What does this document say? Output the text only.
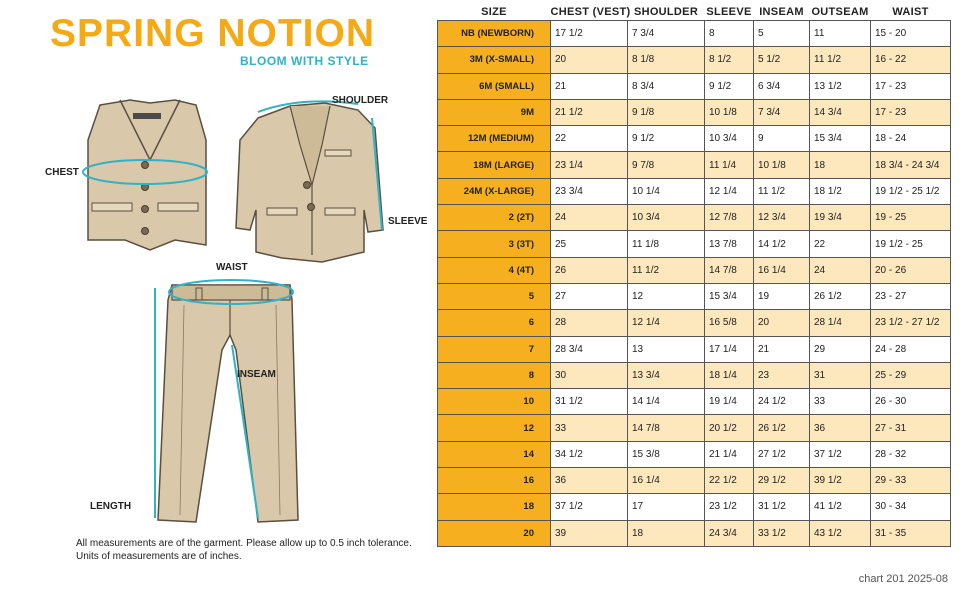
SPRING NOTION
BLOOM WITH STYLE
CHEST
SHOULDER
SLEEVE
WAIST
INSEAM
LENGTH
All measurements are of the garment. Please allow up to 0.5 inch tolerance.
Units of measurements are of inches.
SIZE	CHEST (VEST)	SHOULDER	SLEEVE	INSEAM	OUTSEAM	WAIST
NB (NEWBORN)	17 1/2	7 3/4	8	5	11	15 - 20
3M (X-SMALL)	20	8 1/8	8 1/2	5 1/2	11 1/2	16 - 22
6M (SMALL)	21	8 3/4	9 1/2	6 3/4	13 1/2	17 - 23
9M	21 1/2	9 1/8	10 1/8	7 3/4	14 3/4	17 - 23
12M (MEDIUM)	22	9 1/2	10 3/4	9	15 3/4	18 - 24
18M (LARGE)	23 1/4	9 7/8	11 1/4	10 1/8	18	18 3/4 - 24 3/4
24M (X-LARGE)	23 3/4	10 1/4	12 1/4	11 1/2	18 1/2	19 1/2 - 25 1/2
2 (2T)	24	10 3/4	12 7/8	12 3/4	19 3/4	19 - 25
3 (3T)	25	11 1/8	13 7/8	14 1/2	22	19 1/2 - 25
4 (4T)	26	11 1/2	14 7/8	16 1/4	24	20 - 26
5	27	12	15 3/4	19	26 1/2	23 - 27
6	28	12 1/4	16 5/8	20	28 1/4	23 1/2 - 27 1/2
7	28 3/4	13	17 1/4	21	29	24 - 28
8	30	13 3/4	18 1/4	23	31	25 - 29
10	31 1/2	14 1/4	19 1/4	24 1/2	33	26 - 30
12	33	14 7/8	20 1/2	26 1/2	36	27 - 31
14	34 1/2	15 3/8	21 1/4	27 1/2	37 1/2	28 - 32
16	36	16 1/4	22 1/2	29 1/2	39 1/2	29 - 33
18	37 1/2	17	23 1/2	31 1/2	41 1/2	30 - 34
20	39	18	24 3/4	33 1/2	43 1/2	31 - 35
chart 201 2025-08
